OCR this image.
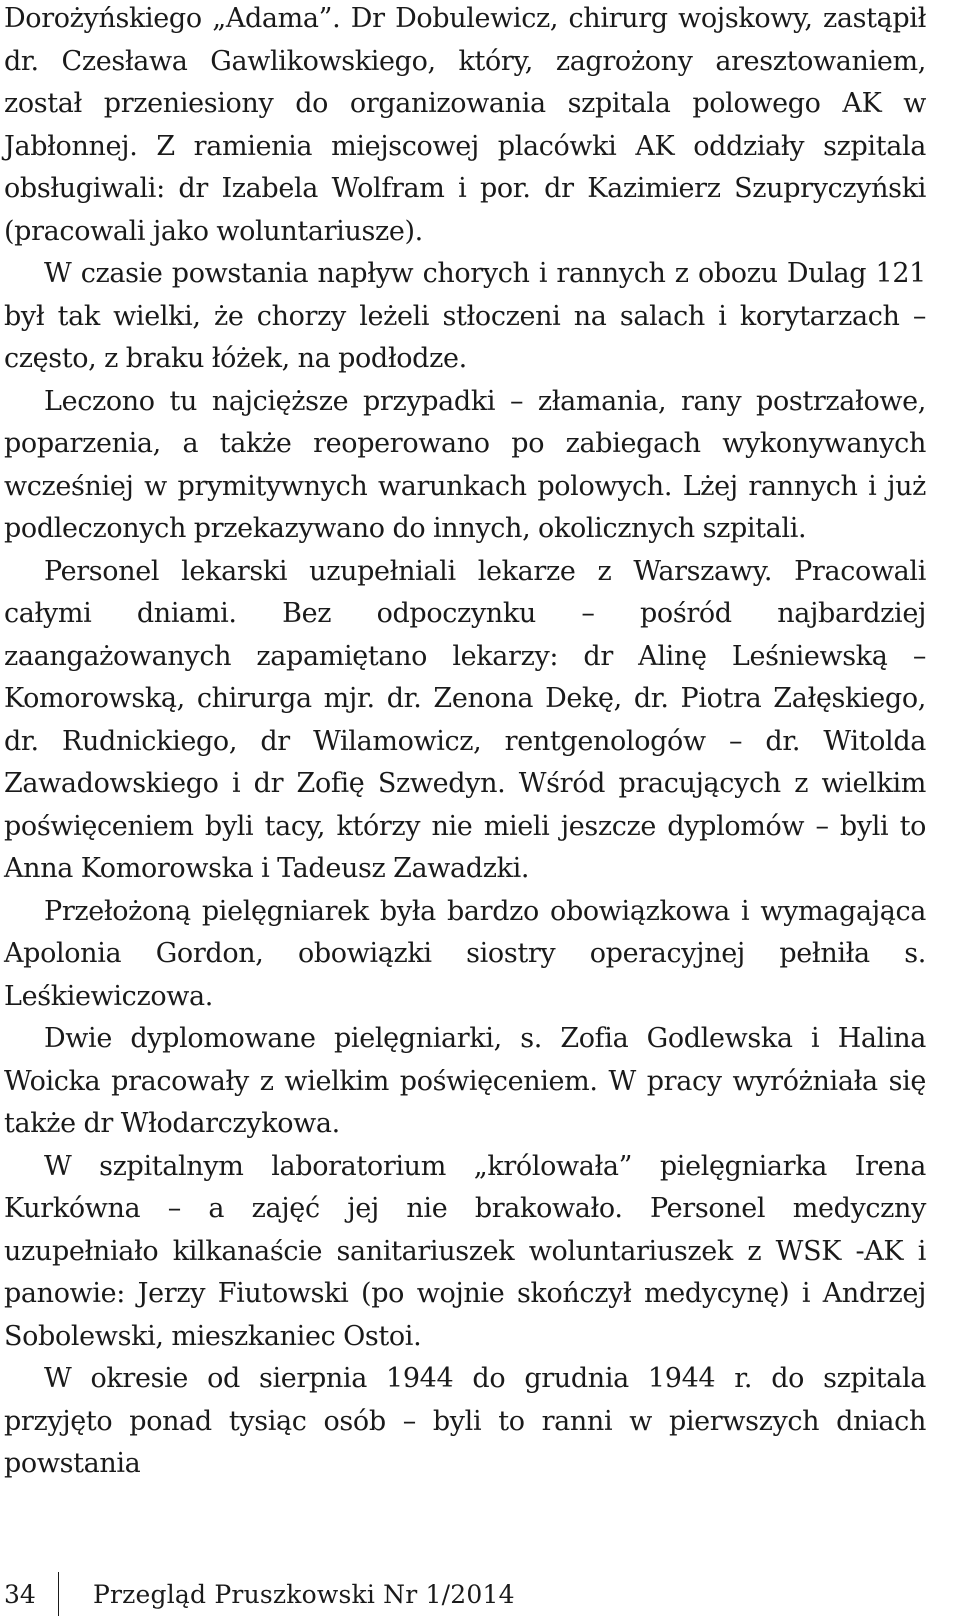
Dorożyńskiego „Adama”. Dr Dobulewicz, chirurg wojskowy, zastąpił dr. Czesława Gawlikowskiego, który, zagrożony aresztowaniem, został przeniesiony do organizowania szpitala polowego AK w Jabłonnej. Z ramienia miejscowej placówki AK oddziały szpitala obsługiwali: dr Izabela Wolfram i por. dr Kazimierz Szupryczyński (pracowali jako woluntariusze).

W czasie powstania napływ chorych i rannych z obozu Dulag 121 był tak wielki, że chorzy leżeli stłoczeni na salach i korytarzach – często, z braku łóżek, na podłodze.

Leczono tu najcięższe przypadki – złamania, rany postrzałowe, poparzenia, a także reoperowano po zabiegach wykonywanych wcześniej w prymitywnych warunkach polowych. Lżej rannych i już podleczonych przekazywano do innych, okolicznych szpitali.

Personel lekarski uzupełniali lekarze z Warszawy. Pracowali całymi dniami. Bez odpoczynku – pośród najbardziej zaangażowanych zapamiętano lekarzy: dr Alinę Leśniewską – Komorowską, chirurga mjr. dr. Zenona Dekę, dr. Piotra Załęskiego, dr. Rudnickiego, dr Wilamowicz, rentgenologów – dr. Witolda Zawadowskiego i dr Zofię Szwedyn. Wśród pracujących z wielkim poświęceniem byli tacy, którzy nie mieli jeszcze dyplomów – byli to Anna Komorowska i Tadeusz Zawadzki.

Przełożoną pielęgniarek była bardzo obowiązkowa i wymagająca Apolonia Gordon, obowiązki siostry operacyjnej pełniła s. Leśkiewiczowa.

Dwie dyplomowane pielęgniarki, s. Zofia Godlewska i Halina Woicka pracowały z wielkim poświęceniem. W pracy wyróżniała się także dr Włodarczykowa.

W szpitalnym laboratorium „królowała” pielęgniarka Irena Kurkówna – a zajęć jej nie brakowało. Personel medyczny uzupełniało kilkanaście sanitariuszek woluntariuszek z WSK -AK i panowie: Jerzy Fiutowski (po wojnie skończył medycynę) i Andrzej Sobolewski, mieszkaniec Ostoi.

W okresie od sierpnia 1944 do grudnia 1944 r. do szpitala przyjęto ponad tysiąc osób – byli to ranni w pierwszych dniach powstania

34	Przegląd Pruszkowski Nr 1/2014
